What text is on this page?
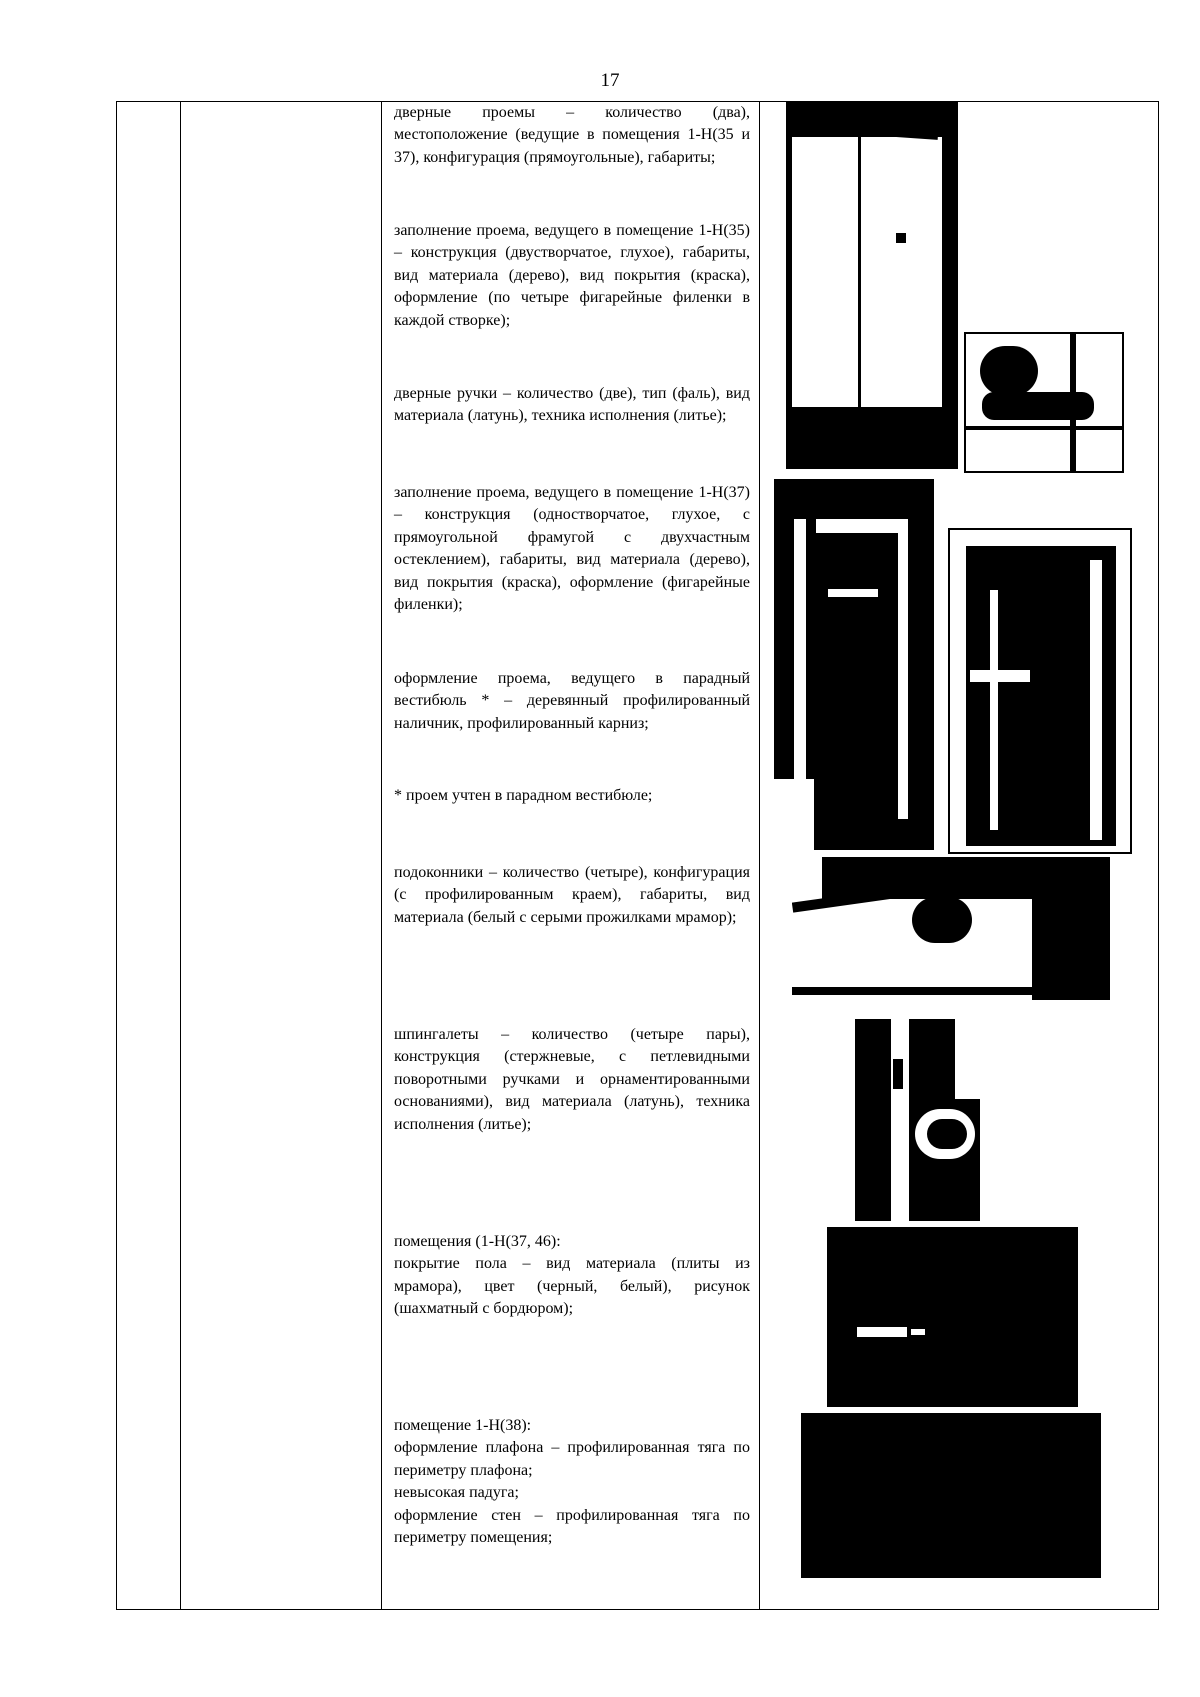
17
дверные проемы – количество (два), местоположение (ведущие в помещения 1-Н(35 и 37), конфигурация (прямоугольные), габариты;
заполнение проема, ведущего в помещение 1-Н(35) – конструкция (двустворчатое, глухое), габариты, вид материала (дерево), вид покрытия (краска), оформление (по четыре фигарейные филенки в каждой створке);
дверные ручки – количество (две), тип (фаль), вид материала (латунь), техника исполнения (литье);
заполнение проема, ведущего в помещение 1-Н(37) – конструкция (одностворчатое, глухое, с прямоугольной фрамугой с двухчастным остеклением), габариты, вид материала (дерево), вид покрытия (краска), оформление (фигарейные филенки);
оформление проема, ведущего в парадный вестибюль * – деревянный профилированный наличник, профилированный карниз;
* проем учтен в парадном вестибюле;
подоконники – количество (четыре), конфигурация (с профилированным краем), габариты, вид материала (белый с серыми прожилками мрамор);
шпингалеты – количество (четыре пары), конструкция (стержневые, с петлевидными поворотными ручками и орнаментированными основаниями), вид материала (латунь), техника исполнения (литье);
помещения (1-Н(37, 46):
покрытие пола – вид материала (плиты из мрамора), цвет (черный, белый), рисунок (шахматный с бордюром);
помещение 1-Н(38):
оформление плафона – профилированная тяга по периметру плафона;
невысокая падуга;
оформление стен – профилированная тяга по периметру помещения;
